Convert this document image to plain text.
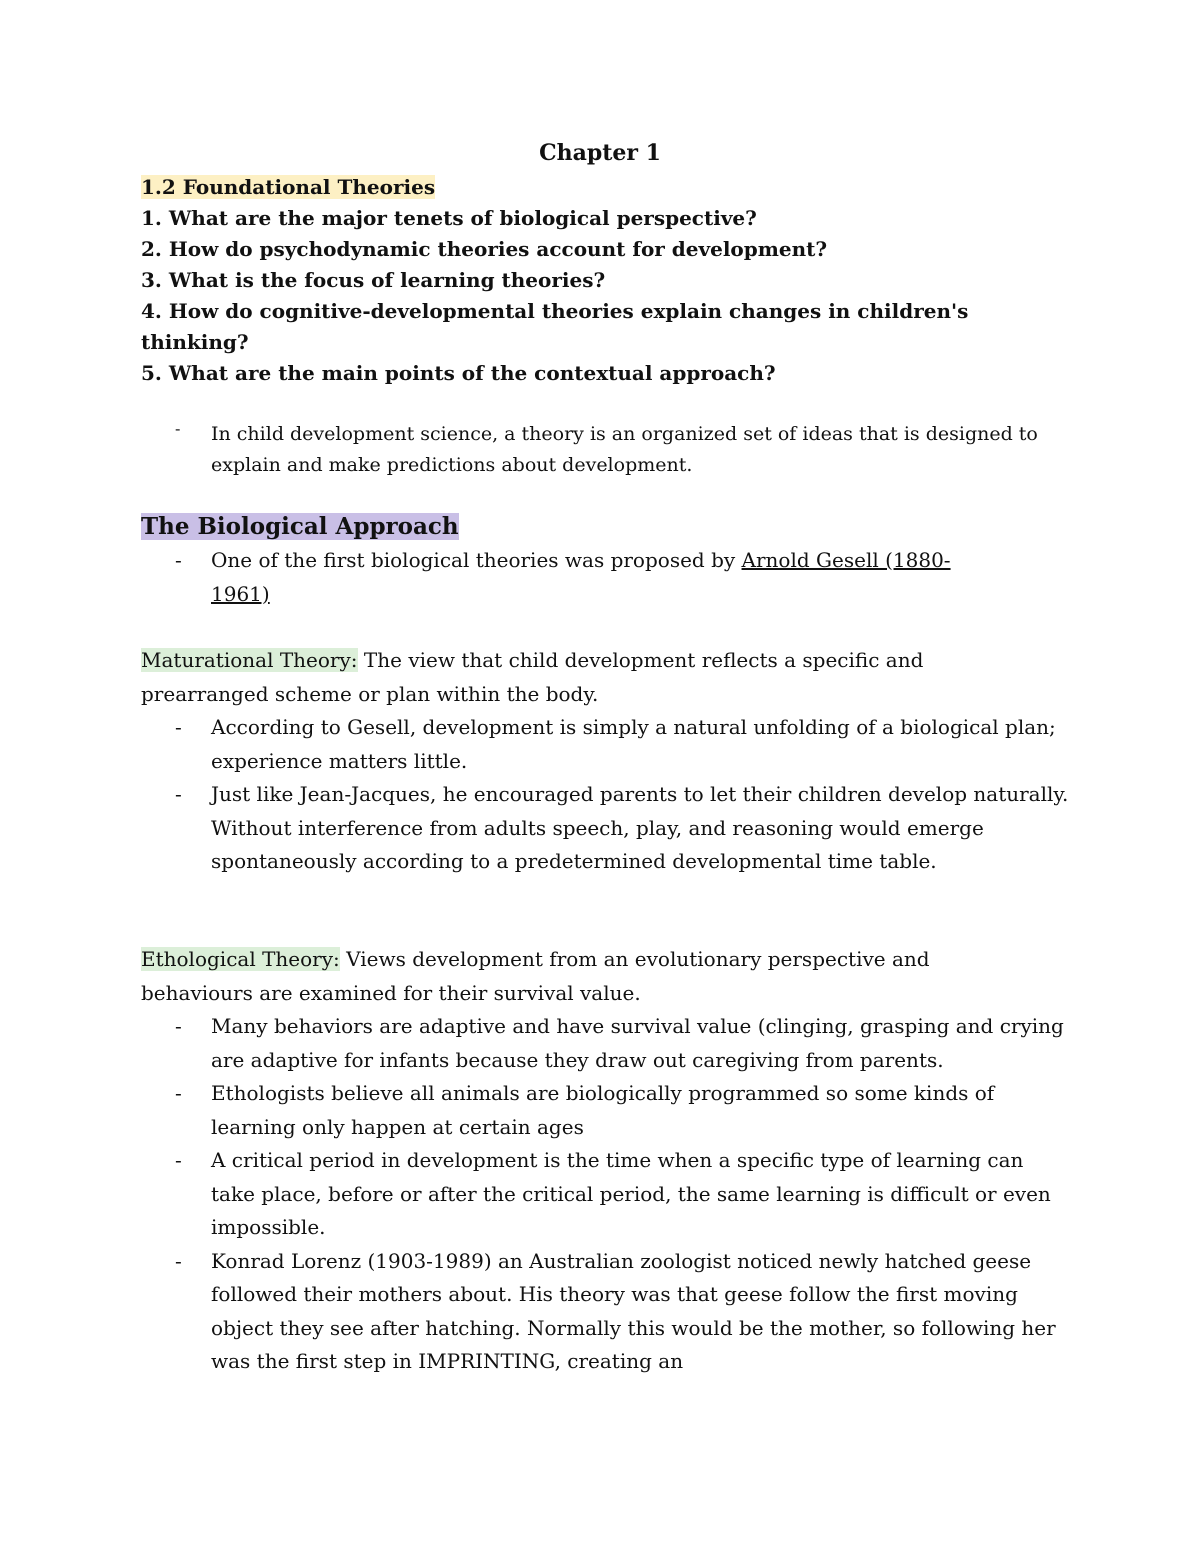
Chapter 1

1.2 Foundational Theories

1. What are the major tenets of biological perspective?

2. How do psychodynamic theories account for development?

3. What is the focus of learning theories?

4. How do cognitive-developmental theories explain changes in children's thinking?

5. What are the main points of the contextual approach?

- In child development science, a theory is an organized set of ideas that is designed to explain and make predictions about development.

The Biological Approach

- One of the first biological theories was proposed by Arnold Gesell (1880-1961)

Maturational Theory: The view that child development reflects a specific and prearranged scheme or plan within the body.

- According to Gesell, development is simply a natural unfolding of a biological plan; experience matters little.
- Just like Jean-Jacques, he encouraged parents to let their children develop naturally. Without interference from adults speech, play, and reasoning would emerge spontaneously according to a predetermined developmental time table.

Ethological Theory: Views development from an evolutionary perspective and behaviours are examined for their survival value.

- Many behaviors are adaptive and have survival value (clinging, grasping and crying are adaptive for infants because they draw out caregiving from parents.
- Ethologists believe all animals are biologically programmed so some kinds of learning only happen at certain ages
- A critical period in development is the time when a specific type of learning can take place, before or after the critical period, the same learning is difficult or even impossible.
- Konrad Lorenz (1903-1989) an Australian zoologist noticed newly hatched geese followed their mothers about. His theory was that geese follow the first moving object they see after hatching. Normally this would be the mother, so following her was the first step in IMPRINTING, creating an
